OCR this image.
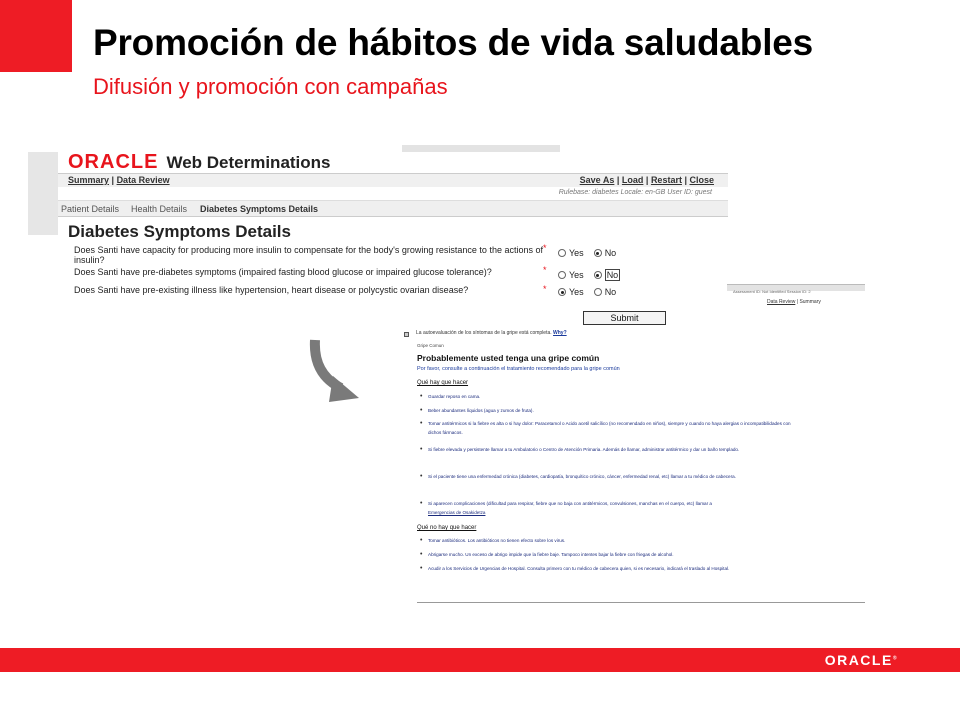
Promoción de hábitos de vida saludables
Difusión y promoción con campañas
ORACLE Web Determinations
Summary | Data Review	Save As | Load | Restart | Close
Rulebase: diabetes Locale: en-GB User ID: guest
Patient Details Health Details Diabetes Symptoms Details
Diabetes Symptoms Details
Does Santi have capacity for producing more insulin to compensate for the body's growing resistance to the actions of insulin?
* Yes No
Does Santi have pre-diabetes symptoms (impaired fasting blood glucose or impaired glucose tolerance)?	* Yes	No
Does Santi have pre-existing illness like hypertension, heart disease or polycystic ovarian disease?	* Yes No
Submit
Assessment ID: Not Identified Session ID: 2
Data Review | Summary
La autoevaluación de los síntomas de la gripe está completa. Why?
Gripe Comun
Probablemente usted tenga una gripe común
Por favor, consulte a continuación el tratamiento recomendado para la gripe común
Qué hay que hacer
• Guardar reposo en cama.
• Beber abundantes líquidos (agua y zumos de fruta).
• Tomar antitérmicos si la fiebre es alta o si hay dolor: Paracetamol o Acido acetil salicílico (no recomendado en niños), siempre y cuando no haya alergias o incompatibilidades con dichos fármacos.
• Si fiebre elevada y persistente llamar a tu Ambulatorio o Centro de Atención Primaria. Además de llamar, administrar antitérmico y dar un baño templado.
• Si el paciente tiene una enfermedad crónica (diabetes, cardiopatía, bronquítico crónico, cáncer, enfermedad renal, etc) llamar a tu médico de cabecera.
• Si aparecen complicaciones (dificultad para respirar, fiebre que no baja con antitérmicos, convulsiones, manchas en el cuerpo, etc) llamar a
Emergencias de Osakidetza
Qué no hay que hacer
• Tomar antibióticos. Los antibióticos no tienen efecto sobre los virus.
• Abrigarse mucho. Un exceso de abrigo impide que la fiebre baje. Tampoco intentes bajar la fiebre con friegas de alcohol.
• Acudir a los Servicios de Urgencias de Hospital. Consulta primero con tu médico de cabecera quien, si es necesario, indicará el traslado al Hospital.
ORACLE®
